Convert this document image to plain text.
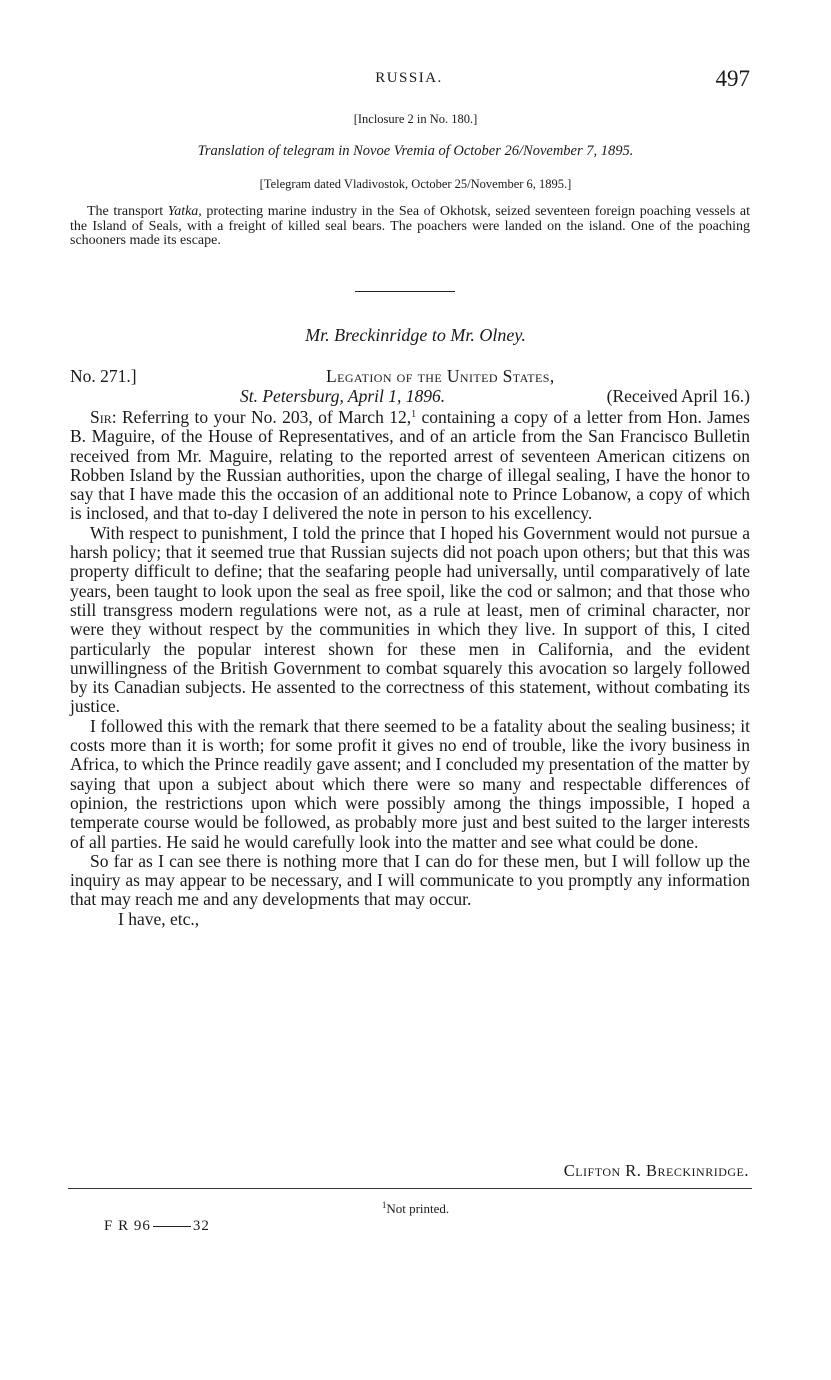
RUSSIA.	497
[Inclosure 2 in No. 180.]
Translation of telegram in Novoe Vremia of October 26/November 7, 1895.
[Telegram dated Vladivostok, October 25/November 6, 1895.]

The transport Yatka, protecting marine industry in the Sea of Okhotsk, seized seventeen foreign poaching vessels at the Island of Seals, with a freight of killed seal bears. The poachers were landed on the island. One of the poaching schooners made its escape.

Mr. Breckinridge to Mr. Olney.
No. 271.]	Legation of the United States,
St. Petersburg, April 1, 1896.	(Received April 16.)

Sir: Referring to your No. 203, of March 12,$^1$ containing a copy of a letter from Hon. James B. Maguire, of the House of Representatives, and of an article from the San Francisco Bulletin received from Mr. Maguire, relating to the reported arrest of seventeen American citizens on Robben Island by the Russian authorities, upon the charge of illegal sealing, I have the honor to say that I have made this the occasion of an additional note to Prince Lobanow, a copy of which is inclosed, and that to-day I delivered the note in person to his excellency.

With respect to punishment, I told the prince that I hoped his Government would not pursue a harsh policy; that it seemed true that Russian sujects did not poach upon others; but that this was property difficult to define; that the seafaring people had universally, until comparatively of late years, been taught to look upon the seal as free spoil, like the cod or salmon; and that those who still transgress modern regulations were not, as a rule at least, men of criminal character, nor were they without respect by the communities in which they live. In support of this, I cited particularly the popular interest shown for these men in California, and the evident unwillingness of the British Government to combat squarely this avocation so largely followed by its Canadian subjects. He assented to the correctness of this statement, without combating its justice.

I followed this with the remark that there seemed to be a fatality about the sealing business; it costs more than it is worth; for some profit it gives no end of trouble, like the ivory business in Africa, to which the Prince readily gave assent; and I concluded my presentation of the matter by saying that upon a subject about which there were so many and respectable differences of opinion, the restrictions upon which were possibly among the things impossible, I hoped a temperate course would be followed, as probably more just and best suited to the larger interests of all parties. He said he would carefully look into the matter and see what could be done.

So far as I can see there is nothing more that I can do for these men, but I will follow up the inquiry as may appear to be necessary, and I will communicate to you promptly any information that may reach me and any developments that may occur.

I have, etc.,

Clifton R. Breckinridge.
$^1$Not printed.
F R 96	32
